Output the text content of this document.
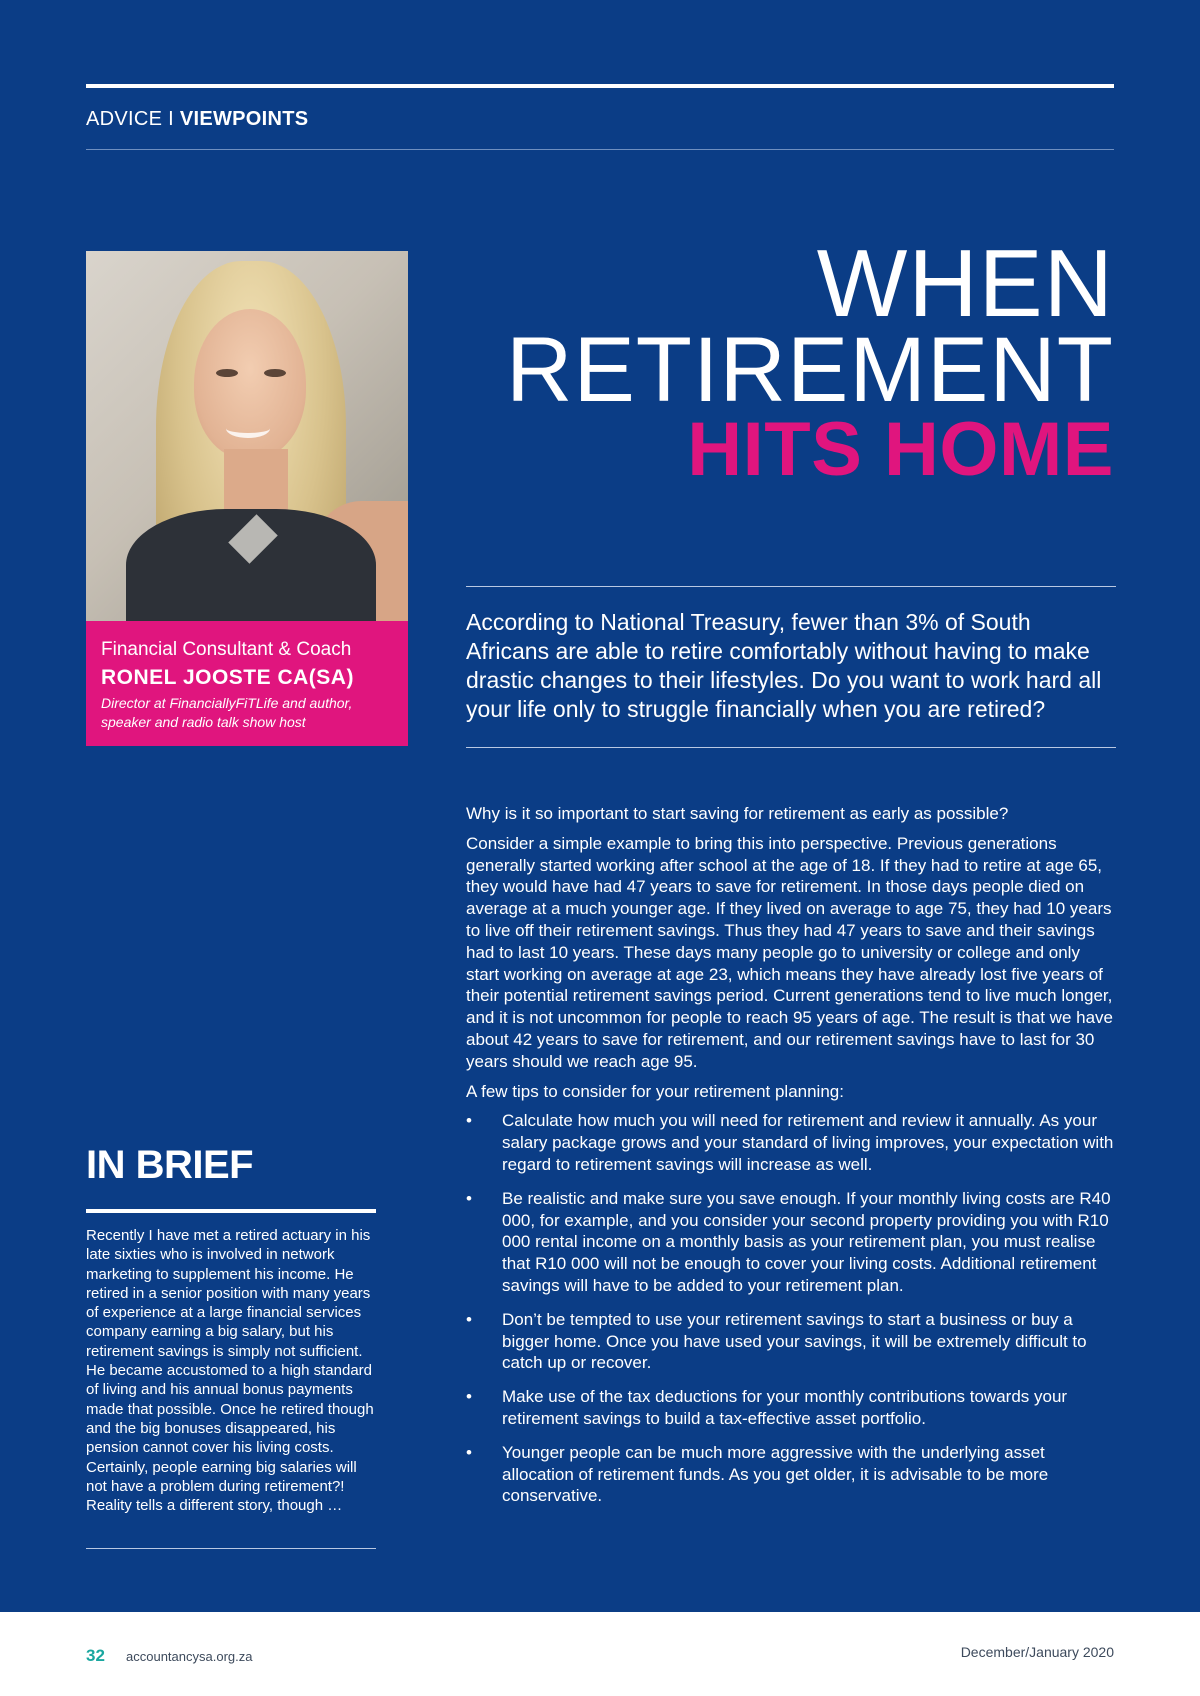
ADVICE I VIEWPOINTS
Financial Consultant & Coach
RONEL JOOSTE CA(SA)
Director at FinanciallyFiTLife and author, speaker and radio talk show host
WHEN
RETIREMENT
HITS HOME
According to National Treasury, fewer than 3% of South Africans are able to retire comfortably without having to make drastic changes to their lifestyles. Do you want to work hard all your life only to struggle financially when you are retired?

Why is it so important to start saving for retirement as early as possible?

Consider a simple example to bring this into perspective. Previous generations generally started working after school at the age of 18. If they had to retire at age 65, they would have had 47 years to save for retirement. In those days people died on average at a much younger age. If they lived on average to age 75, they had 10 years to live off their retirement savings. Thus they had 47 years to save and their savings had to last 10 years. These days many people go to university or college and only start working on average at age 23, which means they have already lost five years of their potential retirement savings period. Current generations tend to live much longer, and it is not uncommon for people to reach 95 years of age. The result is that we have about 42 years to save for retirement, and our retirement savings have to last for 30 years should we reach age 95.

A few tips to consider for your retirement planning:

• Calculate how much you will need for retirement and review it annually. As your salary package grows and your standard of living improves, your expectation with regard to retirement savings will increase as well.
• Be realistic and make sure you save enough. If your monthly living costs are R40 000, for example, and you consider your second property providing you with R10 000 rental income on a monthly basis as your retirement plan, you must realise that R10 000 will not be enough to cover your living costs. Additional retirement savings will have to be added to your retirement plan.
• Don’t be tempted to use your retirement savings to start a business or buy a bigger home. Once you have used your savings, it will be extremely difficult to catch up or recover.
• Make use of the tax deductions for your monthly contributions towards your retirement savings to build a tax-effective asset portfolio.
• Younger people can be much more aggressive with the underlying asset allocation of retirement funds. As you get older, it is advisable to be more conservative.
IN BRIEF
Recently I have met a retired actuary in his late sixties who is involved in network marketing to supplement his income. He retired in a senior position with many years of experience at a large financial services company earning a big salary, but his retirement savings is simply not sufficient. He became accustomed to a high standard of living and his annual bonus payments made that possible. Once he retired though and the big bonuses disappeared, his pension cannot cover his living costs. Certainly, people earning big salaries will not have a problem during retirement?! Reality tells a different story, though …
32 accountancysa.org.za	December/January 2020
